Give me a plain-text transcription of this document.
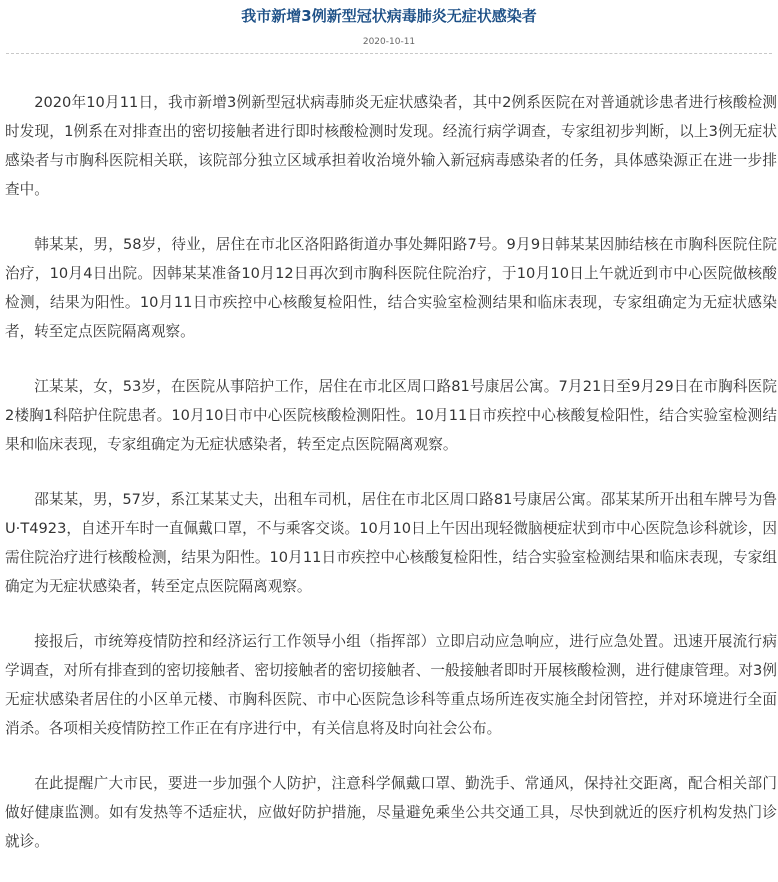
我市新增3例新型冠状病毒肺炎无症状感染者
2020-10-11

2020年10月11日，我市新增3例新型冠状病毒肺炎无症状感染者，其中2例系医院在对普通就诊患者进行核酸检测时发现，1例系在对排查出的密切接触者进行即时核酸检测时发现。经流行病学调查，专家组初步判断，以上3例无症状感染者与市胸科医院相关联，该院部分独立区域承担着收治境外输入新冠病毒感染者的任务，具体感染源正在进一步排查中。

韩某某，男，58岁，待业，居住在市北区洛阳路街道办事处舞阳路7号。9月9日韩某某因肺结核在市胸科医院住院治疗，10月4日出院。因韩某某准备10月12日再次到市胸科医院住院治疗，于10月10日上午就近到市中心医院做核酸检测，结果为阳性。10月11日市疾控中心核酸复检阳性，结合实验室检测结果和临床表现，专家组确定为无症状感染者，转至定点医院隔离观察。

江某某，女，53岁，在医院从事陪护工作，居住在市北区周口路81号康居公寓。7月21日至9月29日在市胸科医院2楼胸1科陪护住院患者。10月10日市中心医院核酸检测阳性。10月11日市疾控中心核酸复检阳性，结合实验室检测结果和临床表现，专家组确定为无症状感染者，转至定点医院隔离观察。

邵某某，男，57岁，系江某某丈夫，出租车司机，居住在市北区周口路81号康居公寓。邵某某所开出租车牌号为鲁U·T4923，自述开车时一直佩戴口罩，不与乘客交谈。10月10日上午因出现轻微脑梗症状到市中心医院急诊科就诊，因需住院治疗进行核酸检测，结果为阳性。10月11日市疾控中心核酸复检阳性，结合实验室检测结果和临床表现，专家组确定为无症状感染者，转至定点医院隔离观察。

接报后，市统筹疫情防控和经济运行工作领导小组（指挥部）立即启动应急响应，进行应急处置。迅速开展流行病学调查，对所有排查到的密切接触者、密切接触者的密切接触者、一般接触者即时开展核酸检测，进行健康管理。对3例无症状感染者居住的小区单元楼、市胸科医院、市中心医院急诊科等重点场所连夜实施全封闭管控，并对环境进行全面消杀。各项相关疫情防控工作正在有序进行中，有关信息将及时向社会公布。

在此提醒广大市民，要进一步加强个人防护，注意科学佩戴口罩、勤洗手、常通风，保持社交距离，配合相关部门做好健康监测。如有发热等不适症状，应做好防护措施，尽量避免乘坐公共交通工具，尽快到就近的医疗机构发热门诊就诊。
